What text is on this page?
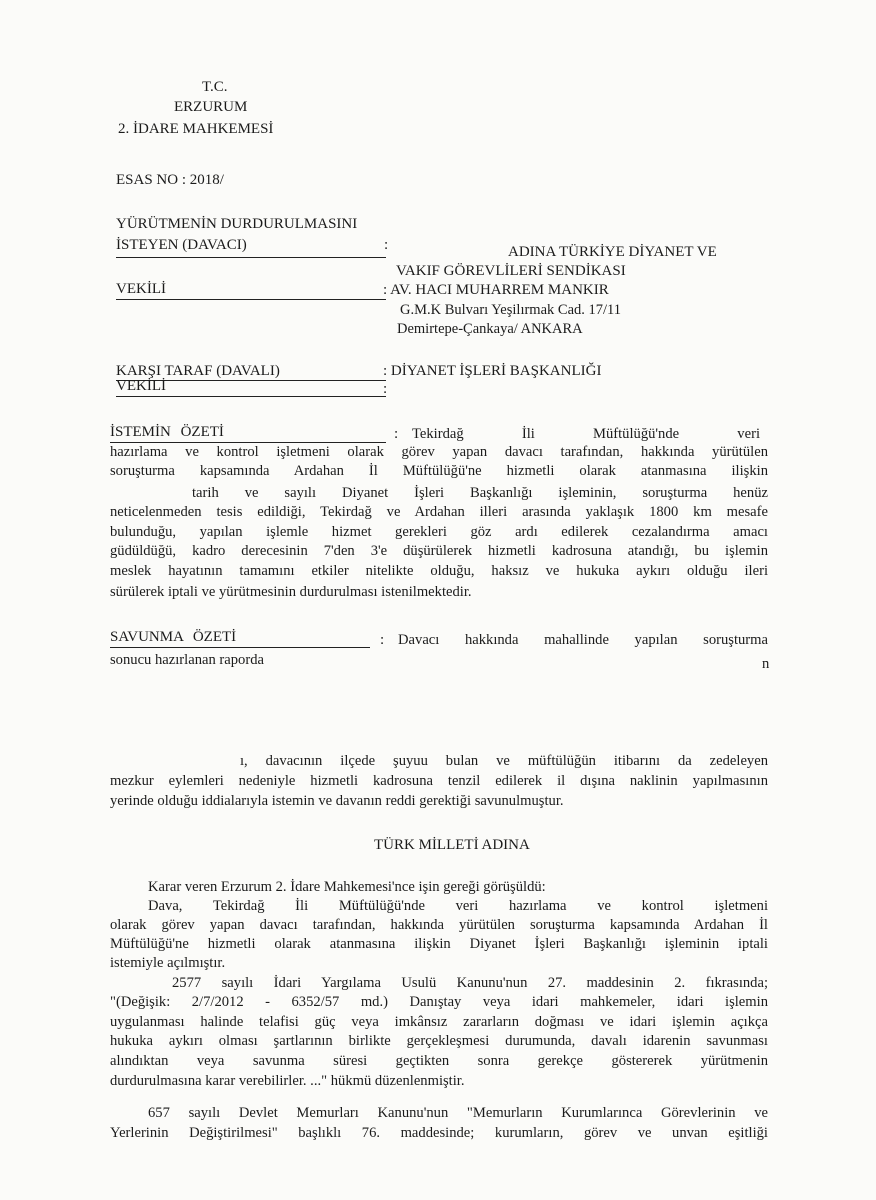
T.C.
ERZURUM
2. İDARE MAHKEMESİ
ESAS NO : 2018/
YÜRÜTMENİN DURDURULMASINI
İSTEYEN (DAVACI)	:	ADINA TÜRKİYE DİYANET VE
VAKIF GÖREVLİLERİ SENDİKASI
VEKİLİ	: AV. HACI MUHARREM MANKIR
G.M.K Bulvarı Yeşilırmak Cad. 17/11
Demirtepe-Çankaya/ ANKARA
KARŞI TARAF (DAVALI)	: DİYANET İŞLERİ BAŞKANLIĞI
VEKİLİ	:
İSTEMİN ÖZETİ	: Tekirdağ İli Müftülüğü'nde veri
hazırlama ve kontrol işletmeni olarak görev yapan davacı tarafından, hakkında yürütülen
soruşturma kapsamında Ardahan İl Müftülüğü'ne hizmetli olarak atanmasına ilişkin
tarih ve sayılı Diyanet İşleri Başkanlığı işleminin, soruşturma henüz
neticelenmeden tesis edildiği, Tekirdağ ve Ardahan illeri arasında yaklaşık 1800 km mesafe
bulunduğu, yapılan işlemle hizmet gerekleri göz ardı edilerek cezalandırma amacı
güdüldüğü, kadro derecesinin 7'den 3'e düşürülerek hizmetli kadrosuna atandığı, bu işlemin
meslek hayatının tamamını etkiler nitelikte olduğu, haksız ve hukuka aykırı olduğu ileri
sürülerek iptali ve yürütmesinin durdurulması istenilmektedir.
SAVUNMA ÖZETİ	: Davacı hakkında mahallinde yapılan soruşturma
sonucu hazırlanan raporda	n
ı, davacının ilçede şuyuu bulan ve müftülüğün itibarını da zedeleyen
mezkur eylemleri nedeniyle hizmetli kadrosuna tenzil edilerek il dışına naklinin yapılmasının
yerinde olduğu iddialarıyla istemin ve davanın reddi gerektiği savunulmuştur.
TÜRK MİLLETİ ADINA
Karar veren Erzurum 2. İdare Mahkemesi'nce işin gereği görüşüldü:
Dava, Tekirdağ İli Müftülüğü'nde veri hazırlama ve kontrol işletmeni
olarak görev yapan davacı tarafından, hakkında yürütülen soruşturma kapsamında Ardahan İl
Müftülüğü'ne hizmetli olarak atanmasına ilişkin Diyanet İşleri Başkanlığı işleminin iptali
istemiyle açılmıştır.
2577 sayılı İdari Yargılama Usulü Kanunu'nun 27. maddesinin 2. fıkrasında;
"(Değişik: 2/7/2012 - 6352/57 md.) Danıştay veya idari mahkemeler, idari işlemin
uygulanması halinde telafisi güç veya imkânsız zararların doğması ve idari işlemin açıkça
hukuka aykırı olması şartlarının birlikte gerçekleşmesi durumunda, davalı idarenin savunması
alındıktan veya savunma süresi geçtikten sonra gerekçe göstererek yürütmenin
durdurulmasına karar verebilirler. ..." hükmü düzenlenmiştir.
657 sayılı Devlet Memurları Kanunu'nun "Memurların Kurumlarınca Görevlerinin ve
Yerlerinin Değiştirilmesi" başlıklı 76. maddesinde; kurumların, görev ve unvan eşitliği
